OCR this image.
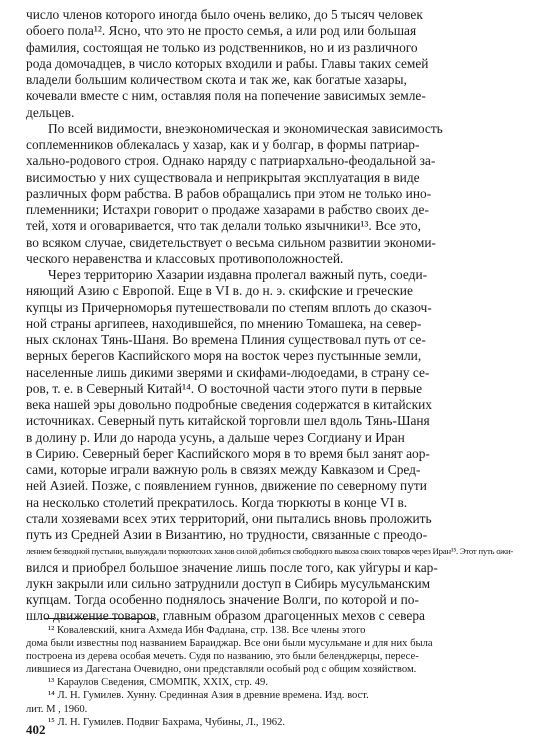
число членов которого иногда было очень велико, до 5 тысяч человек
обоего пола¹². Ясно, что это не просто семья, а или род или большая
фамилия, состоящая не только из родственников, но и из различного
рода домочадцев, в число которых входили и рабы. Главы таких семей
владели большим количеством скота и так же, как богатые хазары,
кочевали вместе с ним, оставляя поля на попечение зависимых земле-
дельцев.
По всей видимости, внеэкономическая и экономическая зависимость
соплеменников облекалась у хазар, как и у болгар, в формы патриар-
хально-родового строя. Однако наряду с патриархально-феодальной за-
висимостью у них существовала и неприкрытая эксплуатация в виде
различных форм рабства. В рабов обращались при этом не только ино-
племенники; Истахри говорит о продаже хазарами в рабство своих де-
тей, хотя и оговаривается, что так делали только язычники¹³. Все это,
во всяком случае, свидетельствует о весьма сильном развитии экономи-
ческого неравенства и классовых противоположностей.
Через территорию Хазарии издавна пролегал важный путь, соеди-
няющий Азию с Европой. Еще в VI в. до н. э. скифские и греческие
купцы из Причерноморья путешествовали по степям вплоть до сказоч-
ной страны аргипеев, находившейся, по мнению Томашека, на север-
ных склонах Тянь-Шаня. Во времена Плиния существовал путь от се-
верных берегов Каспийского моря на восток через пустынные земли,
населенные лишь дикими зверями и скифами-людоедами, в страну се-
ров, т. е. в Северный Китай¹⁴. О восточной части этого пути в первые
века нашей эры довольно подробные сведения содержатся в китайских
источниках. Северный путь китайской торговли шел вдоль Тянь-Шаня
в долину р. Или до народа усунь, а дальше через Согдиану и Иран
в Сирию. Северный берег Каспийского моря в то время был занят аор-
сами, которые играли важную роль в связях между Кавказом и Сред-
ней Азией. Позже, с появлением гуннов, движение по северному пути
на несколько столетий прекратилось. Когда тюркюты в конце VI в.
стали хозяевами всех этих территорий, они пытались вновь проложить
путь из Средней Азии в Византию, но трудности, связанные с преодо-
лением безводной пустыни, вынуждали тюркютских ханов силой добиться свободного вывоза своих товаров через Иран¹⁵. Этот путь ожи-
вился и приобрел большое значение лишь после того, как уйгуры и кар-
лукн закрыли или сильно затруднили доступ в Сибирь мусульманским
купцам. Тогда особенно поднялось значение Волги, по которой и по-
шло движение товаров, главным образом драгоценных мехов с севера
¹² Ковалевский, книга Ахмеда Ибн Фадлана, стр. 138. Все члены этого
дома были известны под названием Бараиджар. Все они были мусульмане и для них была
построена из дерева особая мечеть. Судя по названию, это были беленджерцы, пересе-
лившиеся из Дагестана Очевидно, они представляли особый род с общим хозяйством.
¹³ Караулов Сведения, СМОМПК, XXIX, стр. 49.
¹⁴ Л. Н. Гумилев. Хунну. Срединная Азия в древние времена. Изд. вост.
лит. М , 1960.
¹⁵ Л. Н. Гумилев. Подвиг Бахрама, Чубины, Л., 1962.
402
